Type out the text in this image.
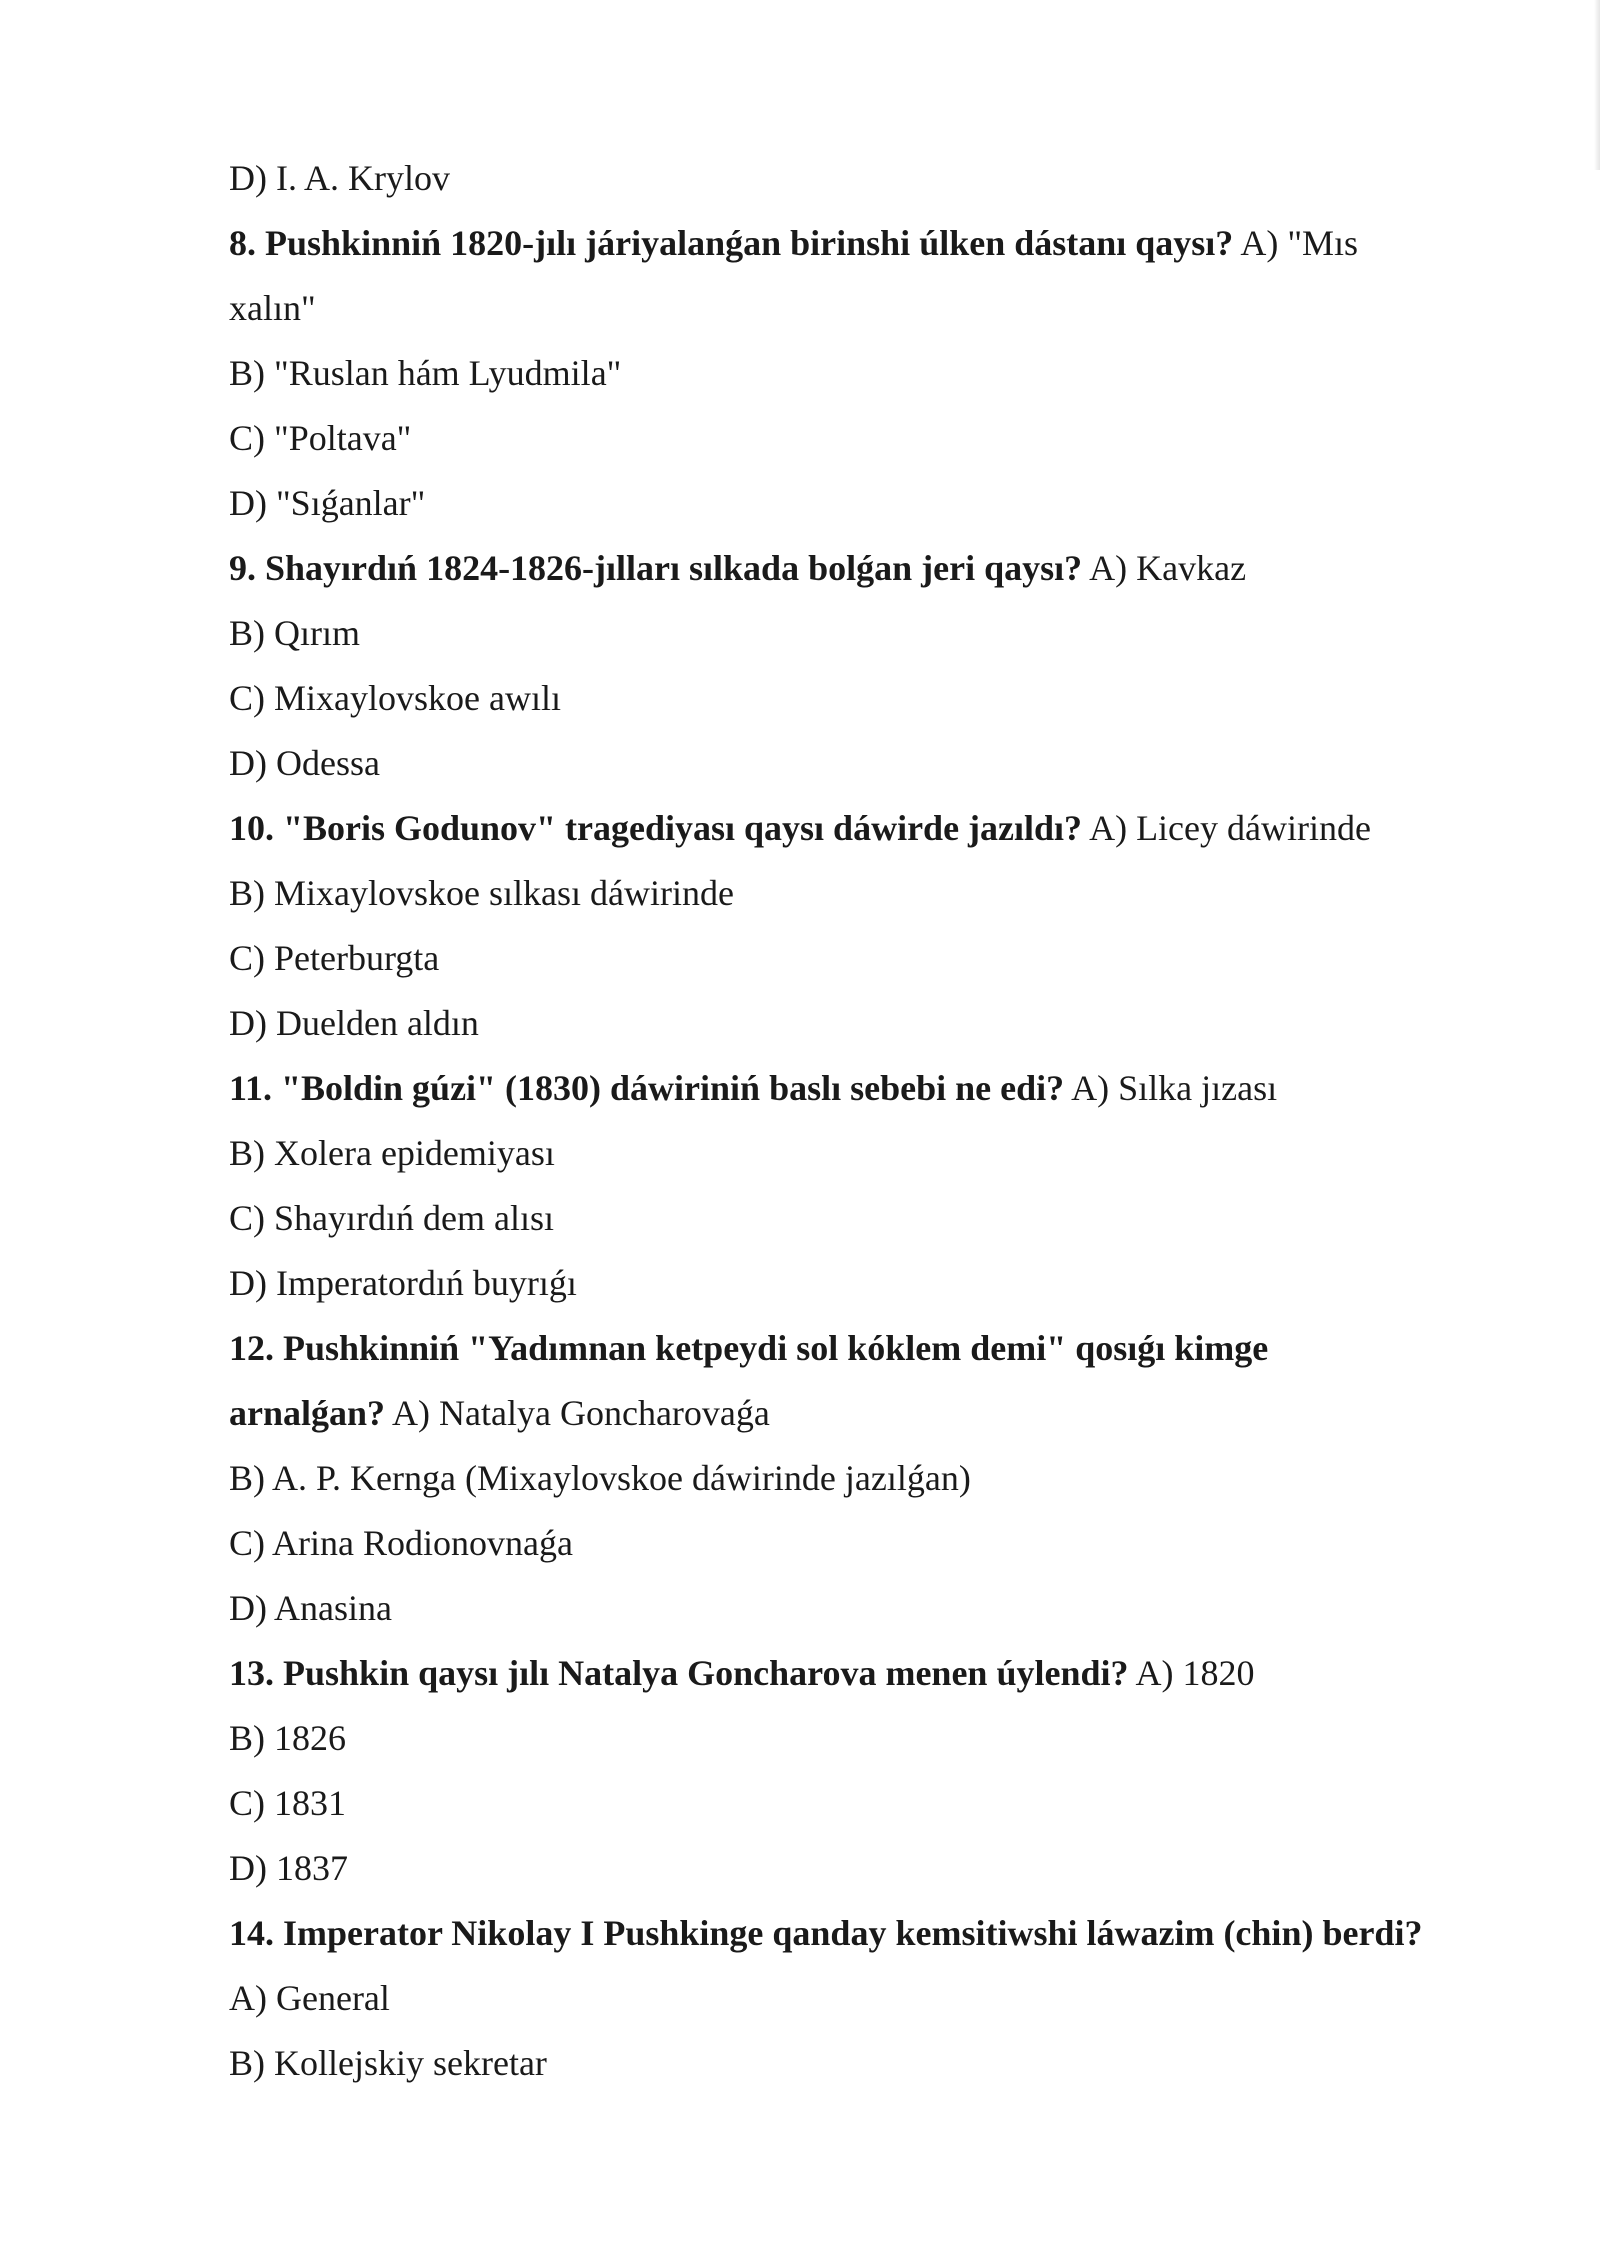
D) I. A. Krylov
8. Pushkinniń 1820-jılı járiyalanǵan birinshi úlken dástanı qaysı? A) "Mıs
xalın"
B) "Ruslan hám Lyudmila"
C) "Poltava"
D) "Sıǵanlar"
9. Shayırdıń 1824-1826-jılları sılkada bolǵan jeri qaysı? A) Kavkaz
B) Qırım
C) Mixaylovskoe awılı
D) Odessa
10. "Boris Godunov" tragediyası qaysı dáwirde jazıldı? A) Licey dáwirinde
B) Mixaylovskoe sılkası dáwirinde
C) Peterburgta
D) Duelden aldın
11. "Boldin gúzi" (1830) dáwiriniń baslı sebebi ne edi? A) Sılka jızası
B) Xolera epidemiyası
C) Shayırdıń dem alısı
D) Imperatordıń buyrıǵı
12. Pushkinniń "Yadımnan ketpeydi sol kóklem demi" qosıǵı kimge
arnalǵan? A) Natalya Goncharovaǵa
B) A. P. Kernga (Mixaylovskoe dáwirinde jazılǵan)
C) Arina Rodionovnaǵa
D) Anasina
13. Pushkin qaysı jılı Natalya Goncharova menen úylendi? A) 1820
B) 1826
C) 1831
D) 1837
14. Imperator Nikolay I Pushkinge qanday kemsitiwshi láwazim (chin) berdi?
A) General
B) Kollejskiy sekretar
